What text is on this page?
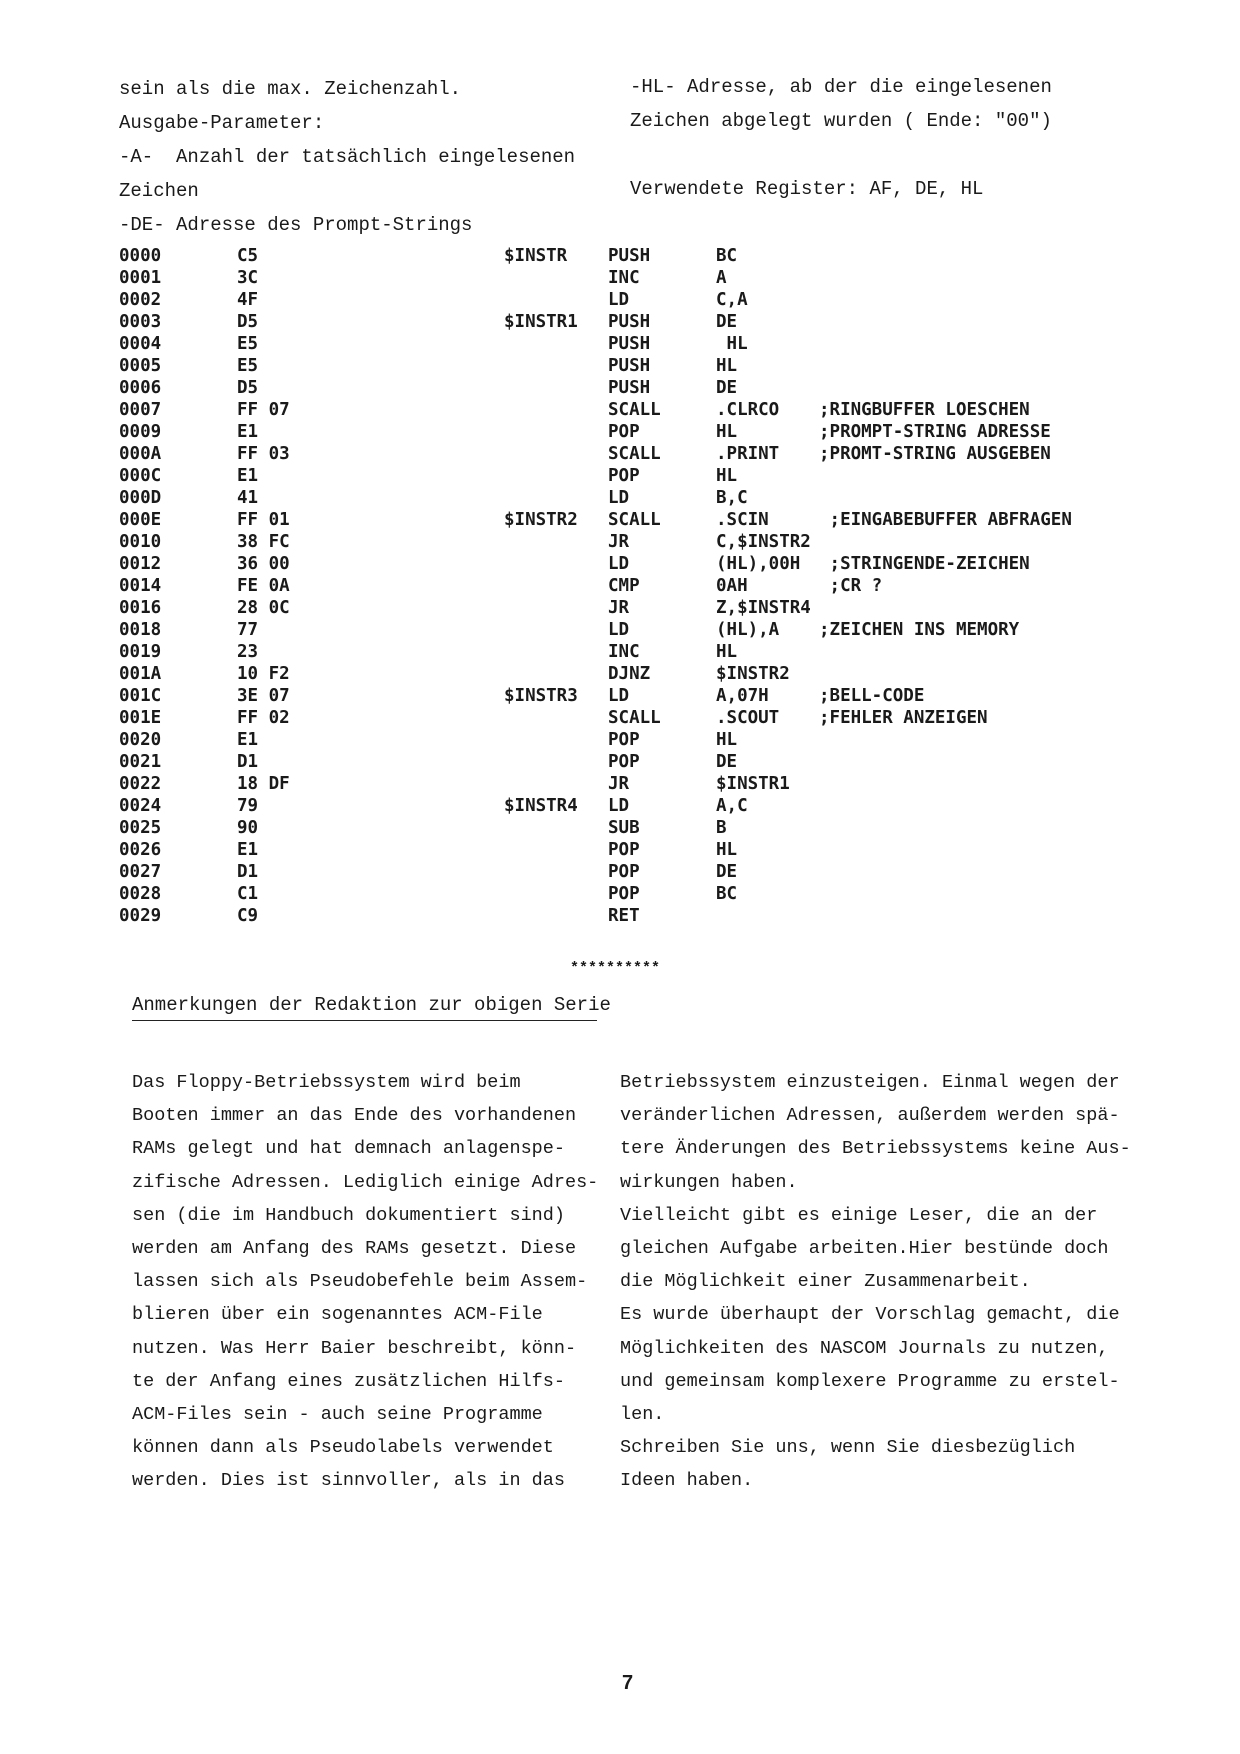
sein als die max. Zeichenzahl.
Ausgabe-Parameter:
-A-  Anzahl der tatsächlich eingelesenen
Zeichen
-DE- Adresse des Prompt-Strings
-HL- Adresse, ab der die eingelesenen
Zeichen abgelegt wurden ( Ende: "00")
Verwendete Register: AF, DE, HL
0000	C5	$INSTR PUSH	BC
0001	3C	INC	A
0002	4F	LD	C,A
0003	D5	$INSTR1 PUSH	DE
0004	E5	PUSH	HL
0005	E5	PUSH	HL
0006	D5	PUSH	DE
0007	FF 07	SCALL	.CLRCO ;RINGBUFFER LOESCHEN
0009	E1	POP	HL	;PROMPT-STRING ADRESSE
000A	FF 03	SCALL	.PRINT ;PROMT-STRING AUSGEBEN
000C	E1	POP	HL
000D	41	LD	B,C
000E	FF 01	$INSTR2 SCALL	.SCIN	;EINGABEBUFFER ABFRAGEN
0010	38 FC	JR	C,$INSTR2
0012	36 00	LD	(HL),00H ;STRINGENDE-ZEICHEN
0014	FE 0A	CMP	0AH	;CR ?
0016	28 0C	JR	Z,$INSTR4
0018	77	LD	(HL),A ;ZEICHEN INS MEMORY
0019	23	INC	HL
001A	10 F2	DJNZ	$INSTR2
001C	3E 07	$INSTR3 LD	A,07H	;BELL-CODE
001E	FF 02	SCALL	.SCOUT ;FEHLER ANZEIGEN
0020	E1	POP	HL
0021	D1	POP	DE
0022	18 DF	JR	$INSTR1
0024	79	$INSTR4 LD	A,C
0025	90	SUB	B
0026	E1	POP	HL
0027	D1	POP	DE
0028	C1	POP	BC
0029	C9	RET
**********
Anmerkungen der Redaktion zur obigen Serie
Das Floppy-Betriebssystem wird beim
Booten immer an das Ende des vorhandenen
RAMs gelegt und hat demnach anlagenspe-
zifische Adressen. Lediglich einige Adres-
sen (die im Handbuch dokumentiert sind)
werden am Anfang des RAMs gesetzt. Diese
lassen sich als Pseudobefehle beim Assem-
blieren über ein sogenanntes ACM-File
nutzen. Was Herr Baier beschreibt, könn-
te der Anfang eines zusätzlichen Hilfs-
ACM-Files sein - auch seine Programme
können dann als Pseudolabels verwendet
werden. Dies ist sinnvoller, als in das
Betriebssystem einzusteigen. Einmal wegen der
veränderlichen Adressen, außerdem werden spä-
tere Änderungen des Betriebssystems keine Aus-
wirkungen haben.
Vielleicht gibt es einige Leser, die an der
gleichen Aufgabe arbeiten.Hier bestünde doch
die Möglichkeit einer Zusammenarbeit.
Es wurde überhaupt der Vorschlag gemacht, die
Möglichkeiten des NASCOM Journals zu nutzen,
und gemeinsam komplexere Programme zu erstel-
len.
Schreiben Sie uns, wenn Sie diesbezüglich
Ideen haben.
7
